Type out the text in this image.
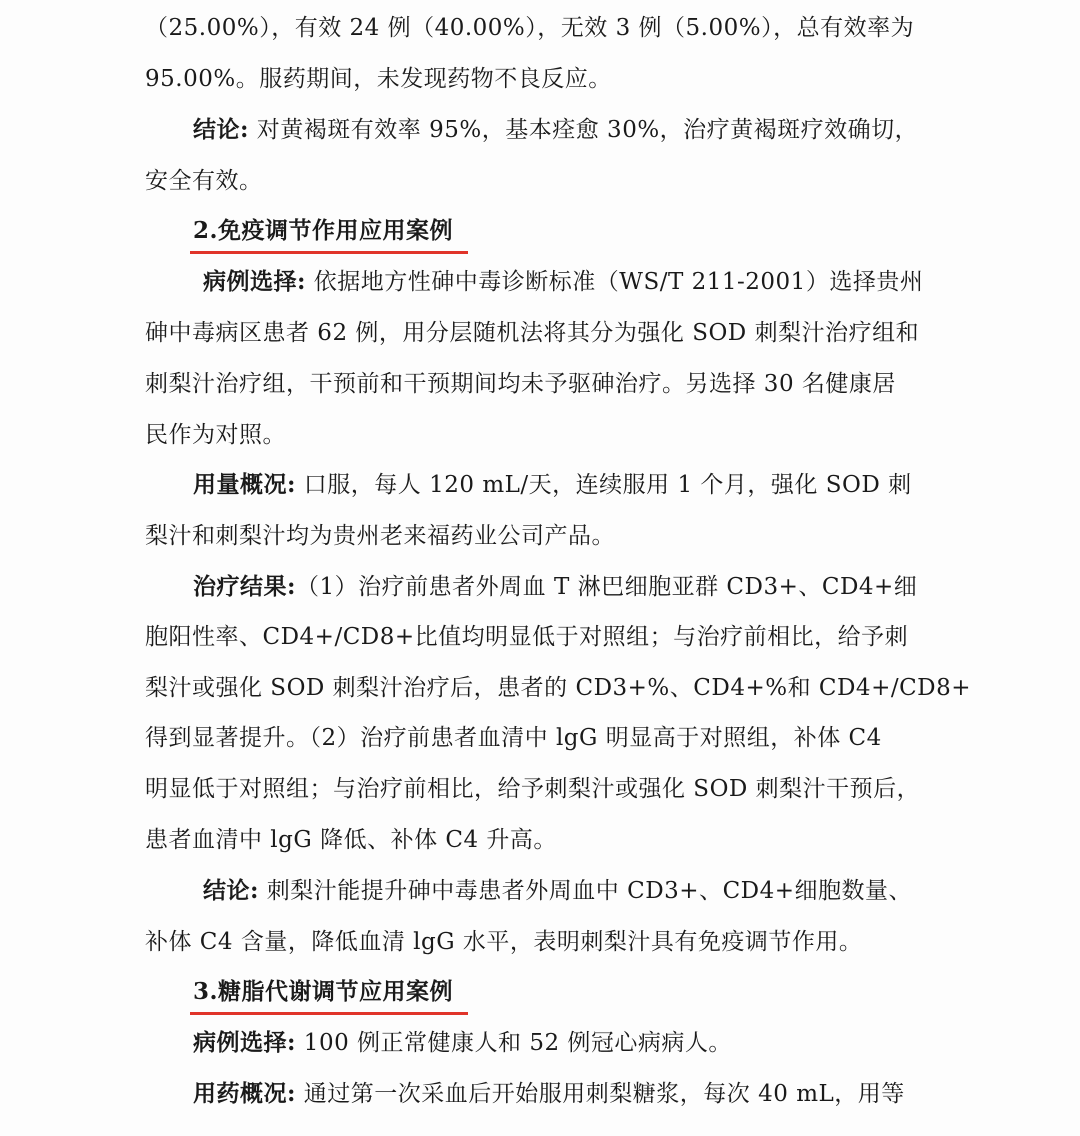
（25.00%），有效 24 例（40.00%），无效 3 例（5.00%），总有效率为
95.00%。服药期间，未发现药物不良反应。
结论: 对黄褐斑有效率 95%，基本痊愈 30%，治疗黄褐斑疗效确切，
安全有效。
2.免疫调节作用应用案例
病例选择: 依据地方性砷中毒诊断标准（WS/T 211-2001）选择贵州
砷中毒病区患者 62 例，用分层随机法将其分为强化 SOD 刺梨汁治疗组和
刺梨汁治疗组，干预前和干预期间均未予驱砷治疗。另选择 30 名健康居
民作为对照。
用量概况: 口服，每人 120 mL/天，连续服用 1 个月，强化 SOD 刺
梨汁和刺梨汁均为贵州老来福药业公司产品。
治疗结果:（1）治疗前患者外周血 T 淋巴细胞亚群 CD3+、CD4+细
胞阳性率、CD4+/CD8+比值均明显低于对照组；与治疗前相比，给予刺
梨汁或强化 SOD 刺梨汁治疗后，患者的 CD3+%、CD4+%和 CD4+/CD8+
得到显著提升。（2）治疗前患者血清中 lgG 明显高于对照组，补体 C4
明显低于对照组；与治疗前相比，给予刺梨汁或强化 SOD 刺梨汁干预后，
患者血清中 lgG 降低、补体 C4 升高。
结论: 刺梨汁能提升砷中毒患者外周血中 CD3+、CD4+细胞数量、
补体 C4 含量，降低血清 lgG 水平，表明刺梨汁具有免疫调节作用。
3.糖脂代谢调节应用案例
病例选择: 100 例正常健康人和 52 例冠心病病人。
用药概况: 通过第一次采血后开始服用刺梨糖浆，每次 40 mL，用等
